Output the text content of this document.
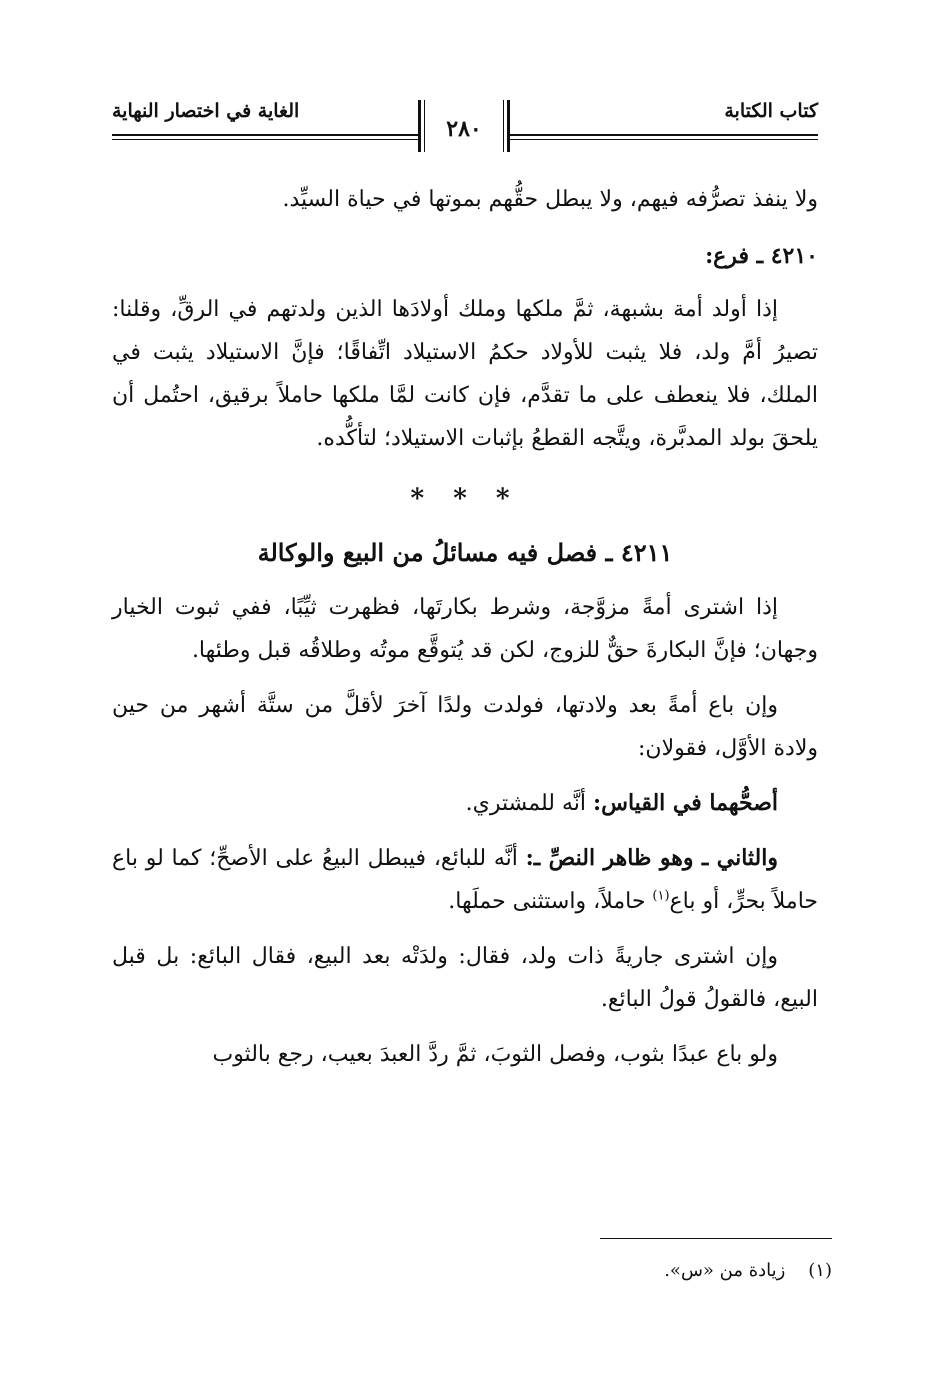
كتاب الكتابة
الغاية في اختصار النهاية
٢٨٠

ولا ينفذ تصرُّفه فيهم، ولا يبطل حقُّهم بموتها في حياة السيِّد.

٤٢١٠ ـ فرع:

إذا أولد أمة بشبهة، ثمَّ ملكها وملك أولادَها الذين ولدتهم في الرقِّ، وقلنا: تصيرُ أمَّ ولد، فلا يثبت للأولاد حكمُ الاستيلاد اتِّفاقًا؛ فإنَّ الاستيلاد يثبت في الملك، فلا ينعطف على ما تقدَّم، فإن كانت لمَّا ملكها حاملاً برقيق، احتُمل أن يلحقَ بولد المدبَّرة، ويتَّجه القطعُ بإثبات الاستيلاد؛ لتأكُّده.

* * *

٤٢١١ ـ فصل فيه مسائلُ من البيع والوكالة

إذا اشترى أمةً مزوَّجة، وشرط بكارتَها، فظهرت ثيِّبًا، ففي ثبوت الخيار وجهان؛ فإنَّ البكارةَ حقٌّ للزوج، لكن قد يُتوقَّع موتُه وطلاقُه قبل وطئها.

وإن باع أمةً بعد ولادتها، فولدت ولدًا آخرَ لأقلَّ من ستَّة أشهر من حين ولادة الأوَّل، فقولان:

أصحُّهما في القياس: أنَّه للمشتري.

والثاني ـ وهو ظاهر النصِّ ـ: أنَّه للبائع، فيبطل البيعُ على الأصحِّ؛ كما لو باع حاملاً بحرٍّ، أو باع$^{(١)}$ حاملاً، واستثنى حملَها.

وإن اشترى جاريةً ذات ولد، فقال: ولدَتْه بعد البيع، فقال البائع: بل قبل البيع، فالقولُ قولُ البائع.

ولو باع عبدًا بثوب، وفصل الثوبَ، ثمَّ ردَّ العبدَ بعيب، رجع بالثوب

(١)    زيادة من «س».
